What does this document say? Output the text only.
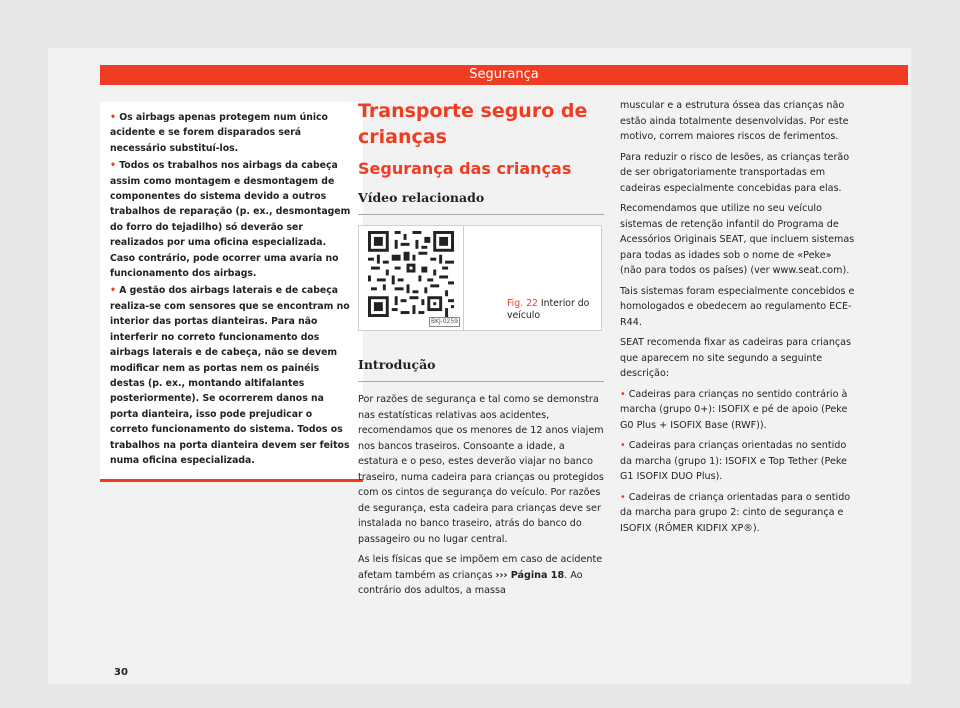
Segurança

• Os airbags apenas protegem num único acidente e se forem disparados será necessário substituí-los.

• Todos os trabalhos nos airbags da cabeça assim como montagem e desmontagem de componentes do sistema devido a outros trabalhos de reparação (p. ex., desmontagem do forro do tejadilho) só deverão ser realizados por uma oficina especializada. Caso contrário, pode ocorrer uma avaria no funcionamento dos airbags.

• A gestão dos airbags laterais e de cabeça realiza-se com sensores que se encontram no interior das portas dianteiras. Para não interferir no correto funcionamento dos airbags laterais e de cabeça, não se devem modificar nem as portas nem os painéis destas (p. ex., montando altifalantes posteriormente). Se ocorrerem danos na porta dianteira, isso pode prejudicar o correto funcionamento do sistema. Todos os trabalhos na porta dianteira devem ser feitos numa oficina especializada.

Transporte seguro de crianças
Segurança das crianças
Vídeo relacionado
BKJ-0259
Fig. 22 Interior do veículo
Introdução

Por razões de segurança e tal como se demonstra nas estatísticas relativas aos acidentes, recomendamos que os menores de 12 anos viajem nos bancos traseiros. Consoante a idade, a estatura e o peso, estes deverão viajar no banco traseiro, numa cadeira para crianças ou protegidos com os cintos de segurança do veículo. Por razões de segurança, esta cadeira para crianças deve ser instalada no banco traseiro, atrás do banco do passageiro ou no lugar central.

As leis físicas que se impõem em caso de acidente afetam também as crianças ››› Página 18. Ao contrário dos adultos, a massa

muscular e a estrutura óssea das crianças não estão ainda totalmente desenvolvidas. Por este motivo, correm maiores riscos de ferimentos.

Para reduzir o risco de lesões, as crianças terão de ser obrigatoriamente transportadas em cadeiras especialmente concebidas para elas.

Recomendamos que utilize no seu veículo sistemas de retenção infantil do Programa de Acessórios Originais SEAT, que incluem sistemas para todas as idades sob o nome de «Peke» (não para todos os países) (ver www.seat.com).

Tais sistemas foram especialmente concebidos e homologados e obedecem ao regulamento ECE-R44.

SEAT recomenda fixar as cadeiras para crianças que aparecem no site segundo a seguinte descrição:

• Cadeiras para crianças no sentido contrário à marcha (grupo 0+): ISOFIX e pé de apoio (Peke G0 Plus + ISOFIX Base (RWF)).

• Cadeiras para crianças orientadas no sentido da marcha (grupo 1): ISOFIX e Top Tether (Peke G1 ISOFIX DUO Plus).

• Cadeiras de criança orientadas para o sentido da marcha para grupo 2: cinto de segurança e ISOFIX (RÖMER KIDFIX XP®).

30
